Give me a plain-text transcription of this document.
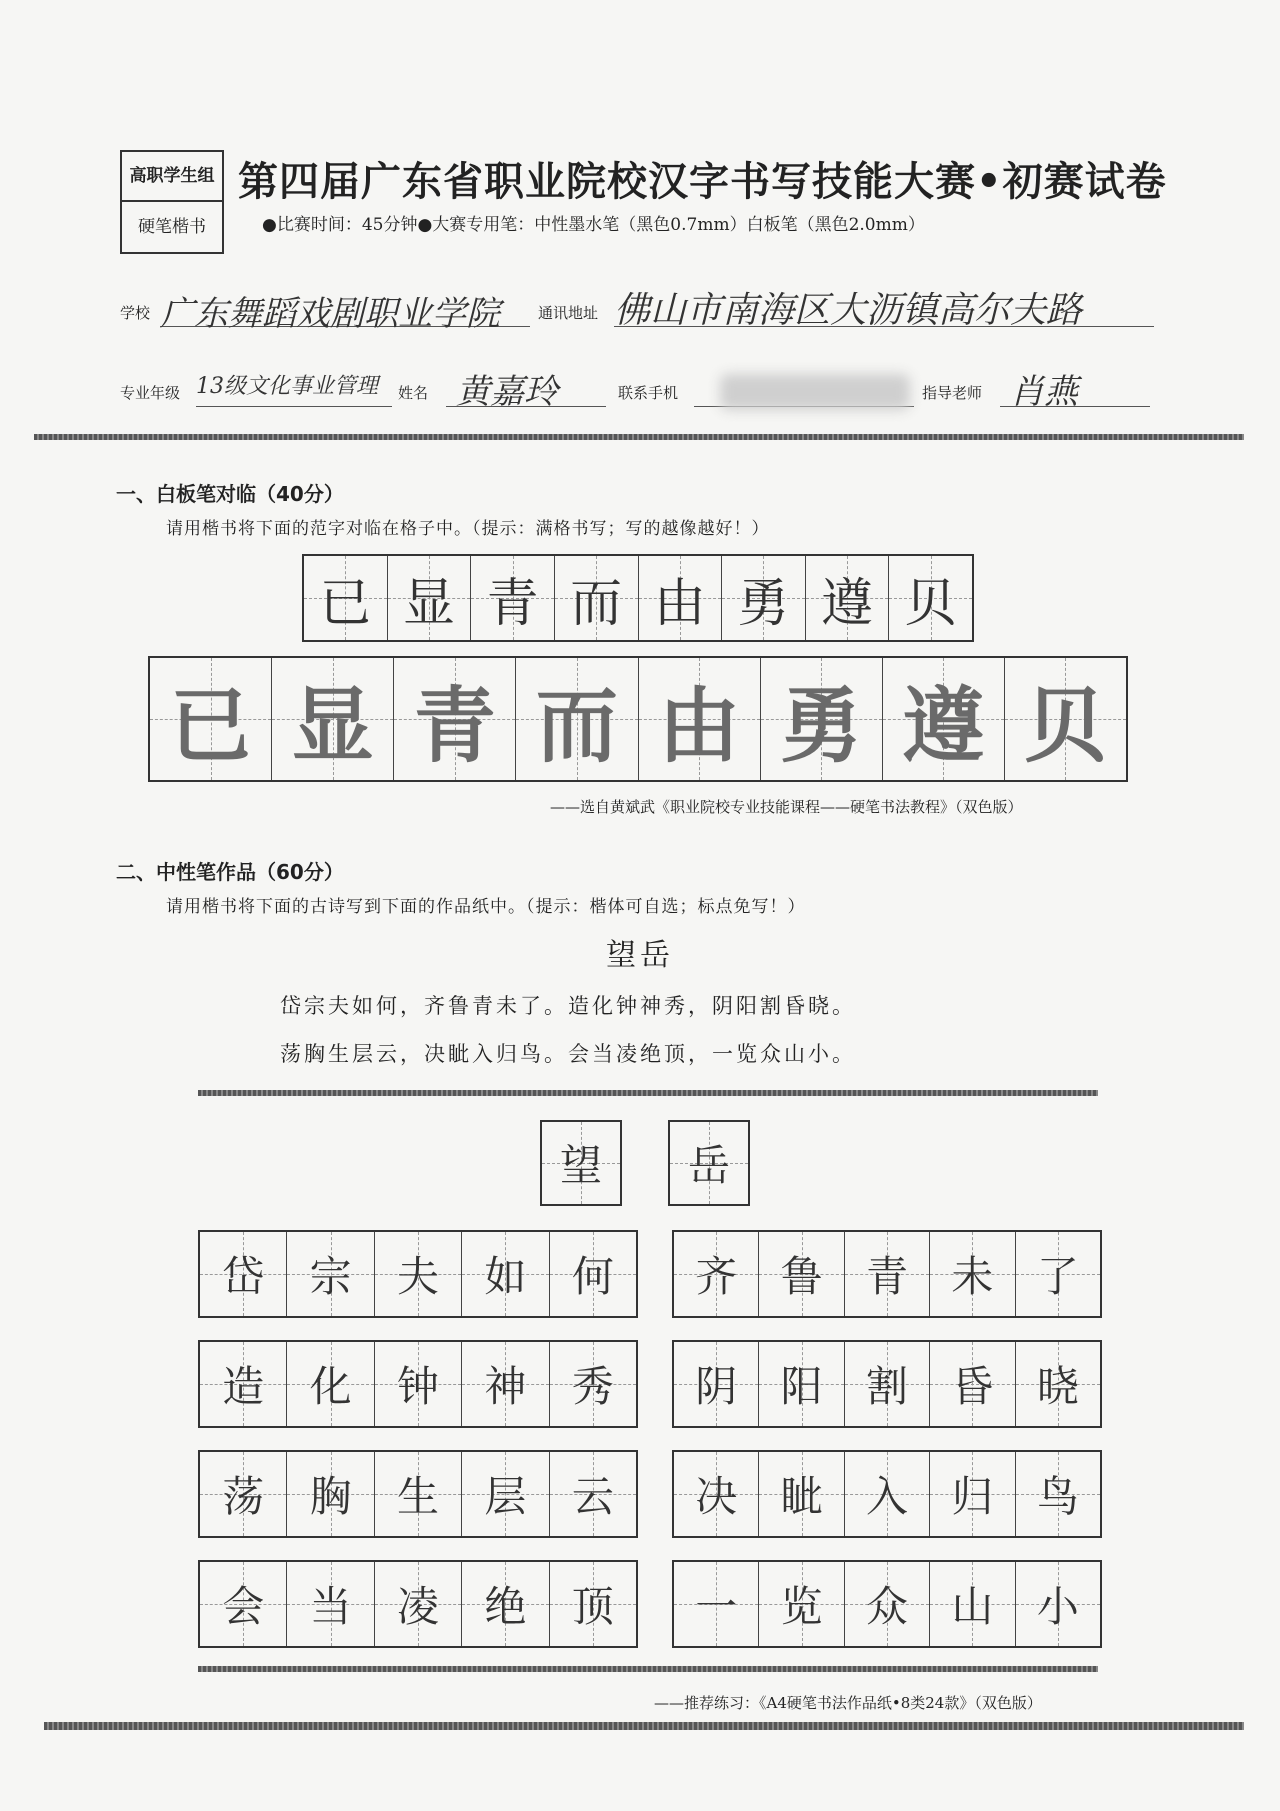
高职学生组
硬笔楷书
第四届广东省职业院校汉字书写技能大赛•初赛试卷
●比赛时间：45分钟●大赛专用笔：中性墨水笔（黑色0.7mm）白板笔（黑色2.0mm）
学校 广东舞蹈戏剧职业学院	通讯地址 佛山市南海区大沥镇高尔夫路
专业年级 13级文化事业管理	姓名 黄嘉玲	联系手机	指导老师 肖燕
一、白板笔对临（40分）
请用楷书将下面的范字对临在格子中。（提示：满格书写；写的越像越好！）
已 显 青 而 由 勇 遵 贝
已 显 青 而 由 勇 遵 贝
——选自黄斌武《职业院校专业技能课程——硬笔书法教程》（双色版）
二、中性笔作品（60分）
请用楷书将下面的古诗写到下面的作品纸中。（提示：楷体可自选；标点免写！）
望岳
岱宗夫如何，齐鲁青未了。造化钟神秀，阴阳割昏晓。
荡胸生层云，决眦入归鸟。会当凌绝顶，一览众山小。
望 岳
岱 宗 夫 如 何 齐 鲁 青 未 了
造 化 钟 神 秀 阴 阳 割 昏 晓
荡 胸 生 层 云 决 眦 入 归 鸟
会 当 凌 绝 顶 一 览 众 山 小
——推荐练习：《A4硬笔书法作品纸•8类24款》（双色版）
